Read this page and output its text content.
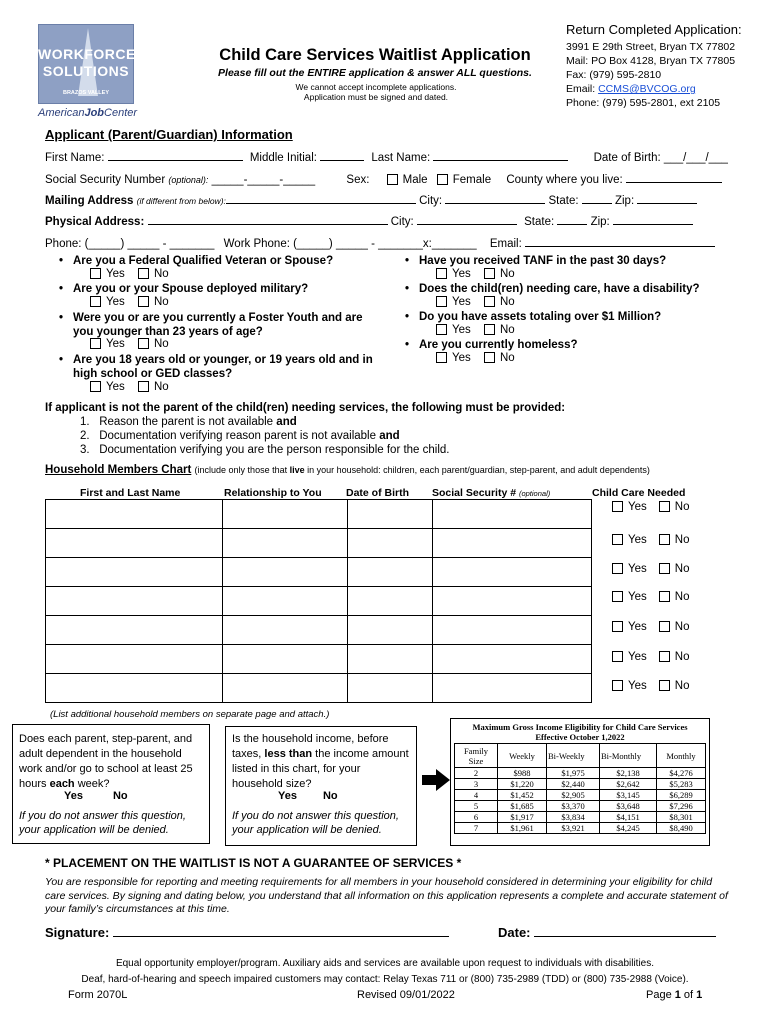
WORKFORCE
SOLUTIONS
BRAZOS VALLEY
AmericanJobCenter
Child Care Services Waitlist Application
Please fill out the ENTIRE application & answer ALL questions.
We cannot accept incomplete applications.
Application must be signed and dated.
Return Completed Application:
3991 E 29th Street, Bryan TX 77802
Mail: PO Box 4128, Bryan TX 77805
Fax: (979) 595-2810
Email: CCMS@BVCOG.org
Phone: (979) 595-2801, ext 2105
Applicant (Parent/Guardian) Information
First Name:	Middle Initial:	Last Name:	Date of Birth: ___/___/___
Social Security Number (optional): _____-_____-_____	Sex:	Male Female County where you live:
Mailing Address (if different from below):	City:	State:	Zip:
Physical Address:	City:	State:	Zip:
Phone: (_____) _____ - _______ Work Phone: (_____) _____ - _______x:_______ Email:
• Are you a Federal Qualified Veteran or Spouse?
Yes	No
• Are you or your Spouse deployed military?
Yes	No
• Were you or are you currently a Foster Youth and are you younger than 23 years of age?
Yes	No
• Are you 18 years old or younger, or 19 years old and in high school or GED classes?
Yes	No
• Have you received TANF in the past 30 days?
Yes	No
• Does the child(ren) needing care, have a disability?
Yes	No
• Do you have assets totaling over $1 Million?
Yes	No
• Are you currently homeless?
Yes	No
If applicant is not the parent of the child(ren) needing services, the following must be provided:
1.   Reason the parent is not available and
2.   Documentation verifying reason parent is not available and
3.   Documentation verifying you are the person responsible for the child.
Household Members Chart (include only those that live in your household: children, each parent/guardian, step-parent, and adult dependents)
First and Last Name	Relationship to You Date of Birth Social Security # (optional)	Child Care Needed

Yes No
Yes No
Yes No
Yes No
Yes No
Yes No
Yes No
(List additional household members on separate page and attach.)
Does each parent, step-parent, and adult dependent in the household work and/or go to school at least 25 hours each week?
Yes	No
If you do not answer this question, your application will be denied.
Is the household income, before taxes, less than the income amount listed in this chart, for your household size?
Yes No
If you do not answer this question, your application will be denied.
Maximum Gross Income Eligibility for Child Care Services
Effective October 1,2022
Family Size	Weekly	Bi-Weekly	Bi-Monthly	Monthly
2	$988	$1,975	$2,138	$4,276
3	$1,220	$2,440	$2,642	$5,283
4	$1,452	$2,905	$3,145	$6,289
5	$1,685	$3,370	$3,648	$7,296
6	$1,917	$3,834	$4,151	$8,301
7	$1,961	$3,921	$4,245	$8,490
* PLACEMENT ON THE WAITLIST IS NOT A GUARANTEE OF SERVICES *
You are responsible for reporting and meeting requirements for all members in your household considered in determining your eligibility for child care services. By signing and dating below, you understand that all information on this application represents a complete and accurate statement of your family’s circumstances at this time.
Signature:	Date:
Equal opportunity employer/program. Auxiliary aids and services are available upon request to individuals with disabilities.
Deaf, hard-of-hearing and speech impaired customers may contact: Relay Texas 711 or (800) 735-2989 (TDD) or (800) 735-2988 (Voice).
Form 2070L	Revised 09/01/2022	Page 1 of 1
